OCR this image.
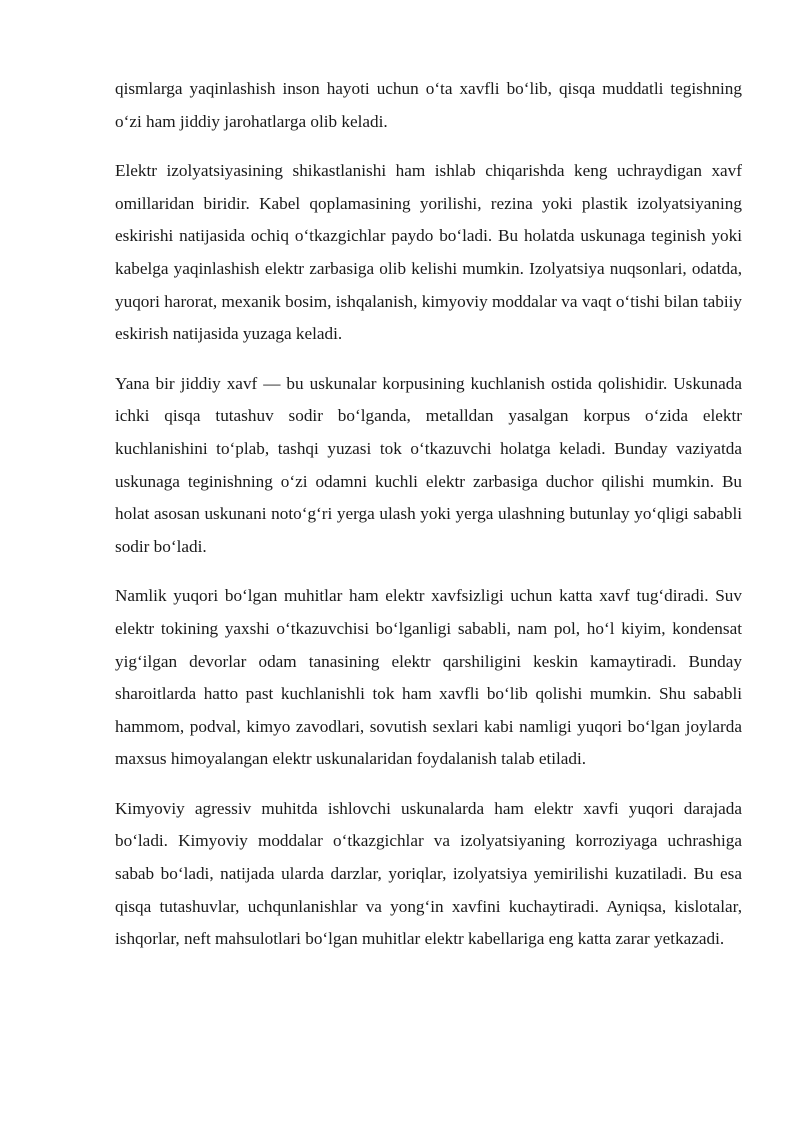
qismlarga yaqinlashish inson hayoti uchun o‘ta xavfli bo‘lib, qisqa muddatli tegishning o‘zi ham jiddiy jarohatlarga olib keladi.

Elektr izolyatsiyasining shikastlanishi ham ishlab chiqarishda keng uchraydigan xavf omillaridan biridir. Kabel qoplamasining yorilishi, rezina yoki plastik izolyatsiyaning eskirishi natijasida ochiq o‘tkazgichlar paydo bo‘ladi. Bu holatda uskunaga teginish yoki kabelga yaqinlashish elektr zarbasiga olib kelishi mumkin. Izolyatsiya nuqsonlari, odatda, yuqori harorat, mexanik bosim, ishqalanish, kimyoviy moddalar va vaqt o‘tishi bilan tabiiy eskirish natijasida yuzaga keladi.

Yana bir jiddiy xavf — bu uskunalar korpusining kuchlanish ostida qolishidir. Uskunada ichki qisqa tutashuv sodir bo‘lganda, metalldan yasalgan korpus o‘zida elektr kuchlanishini to‘plab, tashqi yuzasi tok o‘tkazuvchi holatga keladi. Bunday vaziyatda uskunaga teginishning o‘zi odamni kuchli elektr zarbasiga duchor qilishi mumkin. Bu holat asosan uskunani noto‘g‘ri yerga ulash yoki yerga ulashning butunlay yo‘qligi sababli sodir bo‘ladi.

Namlik yuqori bo‘lgan muhitlar ham elektr xavfsizligi uchun katta xavf tug‘diradi. Suv elektr tokining yaxshi o‘tkazuvchisi bo‘lganligi sababli, nam pol, ho‘l kiyim, kondensat yig‘ilgan devorlar odam tanasining elektr qarshiligini keskin kamaytiradi. Bunday sharoitlarda hatto past kuchlanishli tok ham xavfli bo‘lib qolishi mumkin. Shu sababli hammom, podval, kimyo zavodlari, sovutish sexlari kabi namligi yuqori bo‘lgan joylarda maxsus himoyalangan elektr uskunalaridan foydalanish talab etiladi.

Kimyoviy agressiv muhitda ishlovchi uskunalarda ham elektr xavfi yuqori darajada bo‘ladi. Kimyoviy moddalar o‘tkazgichlar va izolyatsiyaning korroziyaga uchrashiga sabab bo‘ladi, natijada ularda darzlar, yoriqlar, izolyatsiya yemirilishi kuzatiladi. Bu esa qisqa tutashuvlar, uchqunlanishlar va yong‘in xavfini kuchaytiradi. Ayniqsa, kislotalar, ishqorlar, neft mahsulotlari bo‘lgan muhitlar elektr kabellariga eng katta zarar yetkazadi.
